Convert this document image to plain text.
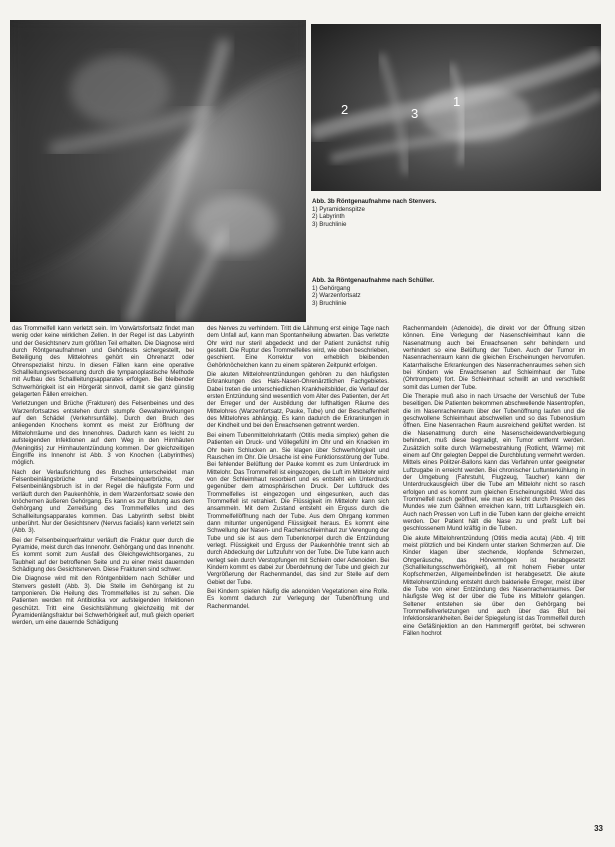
2	3
1
Abb. 3b Röntgenaufnahme nach Stenvers.
1) Pyramidenspitze
2) Labyrinth
3) Bruchlinie
Abb. 3a Röntgenaufnahme nach Schüller.
1) Gehörgang
2) Warzenfortsatz
3) Bruchlinie

das Trommelfell kann verletzt sein. Im Vorwärtsfortsatz findet man wenig oder keine wirklichen Zellen. In der Regel ist das Labyrinth und der Gesichtsnerv zum größten Teil erhalten. Die Diagnose wird durch Röntgenaufnahmen und Gehörtests sichergestellt, bei Beteiligung des Mittelohres gehört ein Ohrenarzt oder Ohrenspezialist hinzu. In diesen Fällen kann eine operative Schallleitungsverbesserung durch die tympanoplastische Methode mit Aufbau des Schallleitungsapparates erfolgen. Bei bleibender Schwerhörigkeit ist ein Hörgerät sinnvoll, damit sie ganz günstig gelagerten Fällen erreichen.

Verletzungen und Brüche (Frakturen) des Felsenbeines und des Warzenfortsatzes entstehen durch stumpfe Gewalteinwirkungen auf den Schädel (Verkehrsunfälle). Durch den Bruch des anliegenden Knochens kommt es meist zur Eröffnung der Mittelohrräume und des Innenohres. Dadurch kann es leicht zu aufsteigenden Infektionen auf dem Weg in den Hirnhäuten (Meningitis) zur Hirnhautentzündung kommen. Der gleichzeitigen Eingriffe ins Innenohr ist Abb. 3 von Knochen (Labyrinthes) möglich.

Nach der Verlaufsrichtung des Bruches unterscheidet man Felsenbeinlängsbrüche und Felsenbeinquerbrüche, der Felsenbeinlängsbruch ist in der Regel die häufigste Form und verläuft durch den Paukenhöhle, in dem Warzenfortsatz sowie den knöchernen äußeren Gehörgang. Es kann es zur Blutung aus dem Gehörgang und Zerreißung des Trommelfelles und des Schallleitungsapparates kommen. Das Labyrinth selbst bleibt unberührt. Nur der Gesichtsnerv (Nervus facialis) kann verletzt sein (Abb. 3).

Bei der Felsenbeinquerfraktur verläuft die Fraktur quer durch die Pyramide, meist durch das Innenohr. Gehörgang und das Innenohr. Es kommt somit zum Ausfall des Gleichgewichtsorganes, zu Taubheit auf der betroffenen Seite und zu einer meist dauernden Schädigung des Gesichtsnerven. Diese Frakturen sind schwer.

Die Diagnose wird mit den Röntgenbildern nach Schüller und Stenvers gestellt (Abb. 3). Die Stelle im Gehörgang ist zu tamponieren. Die Heilung des Trommelfelles ist zu sehen. Die Patienten werden mit Antibiotika vor aufsteigenden Infektionen geschützt. Tritt eine Gesichtslähmung gleichzeitig mit der Pyramidenlängsfraktur bei Schwerhörigkeit auf, muß gleich operiert werden, um eine dauernde Schädigung

des Nerves zu verhindern. Tritt die Lähmung erst einige Tage nach dem Unfall auf, kann man Spontanheilung abwarten. Das verletzte Ohr wird nur steril abgedeckt und der Patient zunächst ruhig gestellt. Die Ruptur des Trommelfelles wird, wie oben beschrieben, geschient. Eine Korrektur von erheblich bleibenden Gehörknöchelchen kann zu einem späteren Zeitpunkt erfolgen.

Die akuten Mittelohrentzündungen gehören zu den häufigsten Erkrankungen des Hals-Nasen-Ohrenärztlichen Fachgebietes. Dabei treten die unterschiedlichen Krankheitsbilder, die Verlauf der ersten Entzündung sind wesentlich vom Alter des Patienten, der Art der Erreger und der Ausbildung der lufthaltigen Räume des Mittelohres (Warzenfortsatz, Pauke, Tube) und der Beschaffenheit des Mittelohres abhängig. Es kann dadurch die Erkrankungen in der Kindheit und bei den Erwachsenen getrennt werden.

Bei einem Tubenmittelohrkatarrh (Otitis media simplex) gehen die Patienten ein Druck- und Völlegefühl im Ohr und ein Knacken im Ohr beim Schlucken an. Sie klagen über Schwerhörigkeit und Rauschen im Ohr. Die Ursache ist eine Funktionsstörung der Tube. Bei fehlender Belüftung der Pauke kommt es zum Unterdruck im Mittelohr. Das Trommelfell ist eingezogen, die Luft im Mittelohr wird von der Schleimhaut resorbiert und es entsteht ein Unterdruck gegenüber dem atmosphärischen Druck. Der Luftdruck des Trommelfelles ist eingezogen und eingesunken, auch das Trommelfell ist retrahiert. Die Flüssigkeit im Mittelohr kann sich ansammeln. Mit dem Zustand entsteht ein Erguss durch die Trommelfellöffnung nach der Tube. Aus dem Ohrgang kommen dann mitunter ungenügend Flüssigkeit heraus. Es kommt eine Schwellung der Nasen- und Rachenschleimhaut zur Verengung der Tube und sie ist aus dem Tubenknorpel durch die Entzündung verlegt. Flüssigkeit und Erguss der Paukenhöhle trennt sich ab durch Abdeckung der Luftzufuhr von der Tube. Die Tube kann auch verlegt sein durch Verstopfungen mit Schleim oder Adenoiden. Bei Kindern kommt es dabei zur Überdehnung der Tube und gleich zur Vergrößerung der Rachenmandel, das sind zur Stelle auf dem Gebiet der Tube.

Bei Kindern spielen häufig die adenoiden Vegetationen eine Rolle. Es kommt dadurch zur Verlegung der Tubenöffnung und Rachenmandel.

Rachenmandeln (Adenoide), die direkt vor der Öffnung sitzen können. Eine Verlegung der Nasenschleimhaut kann die Nasenatmung auch bei Erwachsenen sehr behindern und verhindert so eine Belüftung der Tuben. Auch der Tumor im Nasenrachenraum kann die gleichen Erscheinungen hervorrufen. Katarrhalische Erkrankungen des Nasenrachenraumes sehen sich bei Kindern wie Erwachsenen auf Schleimhaut der Tube (Ohrtrompete) fort. Die Schleimhaut schwillt an und verschließt somit das Lumen der Tube.

Die Therapie muß also in nach Ursache der Verschluß der Tube beseitigen. Die Patienten bekommen abschwellende Nasentropfen, die im Nasenrachenraum über der Tubenöffnung laufen und die geschwollene Schleimhaut abschwellen und so das Tubenostium öffnen. Eine Nasenrachen Raum ausreichend gelüftet werden. Ist die Nasenatmung durch eine Nasenscheidewandverbiegung behindert, muß diese begradigt, ein Tumor entfernt werden. Zusätzlich sollte durch Wärmebestrahlung (Rotlicht, Wärme) mit einem auf Ohr gelegten Deppel die Durchblutung vermehrt werden. Mittels eines Politzer-Ballons kann das Verfahren unter geeigneter Luftzugabe in erreicht werden. Bei chronischer Luftunterkühlung in der Umgebung (Fahrstuhl, Flugzeug, Taucher) kann der Unterdruckausgleich über die Tube am Mittelohr nicht so rasch erfolgen und es kommt zum gleichen Erscheinungsbild. Wird das Trommelfell rasch geöffnet, wie man es leicht durch Pressen des Mundes wie zum Gähnen erreichen kann, tritt Luftausgleich ein. Auch nach Pressen von Luft in die Tuben kann der gleiche erreicht werden. Der Patient hält die Nase zu und preßt Luft bei geschlossenem Mund kräftig in die Tuben.

Die akute Mittelohrentzündung (Otitis media acuta) (Abb. 4) tritt meist plötzlich und bei Kindern unter starken Schmerzen auf. Die Kinder klagen über stechende, klopfende Schmerzen, Ohrgeräusche, das Hörvermögen ist herabgesetzt (Schallleitungsschwerhörigkeit), all mit hohem Fieber unter Kopfschmerzen, Allgemeinbefinden ist herabgesetzt. Die akute Mittelohrentzündung entsteht durch bakterielle Erreger, meist über die Tube von einer Entzündung des Nasenrachenraumes. Der häufigste Weg ist der über die Tube ins Mittelohr gelangen. Seltener entstehen sie über den Gehörgang bei Trommelfellverletzungen und auch über das Blut bei Infektionskrankheiten. Bei der Spiegelung ist das Trommelfell durch eine Gefäßinjektion an den Hammergriff gerötet, bei schweren Fällen hochrot

33
